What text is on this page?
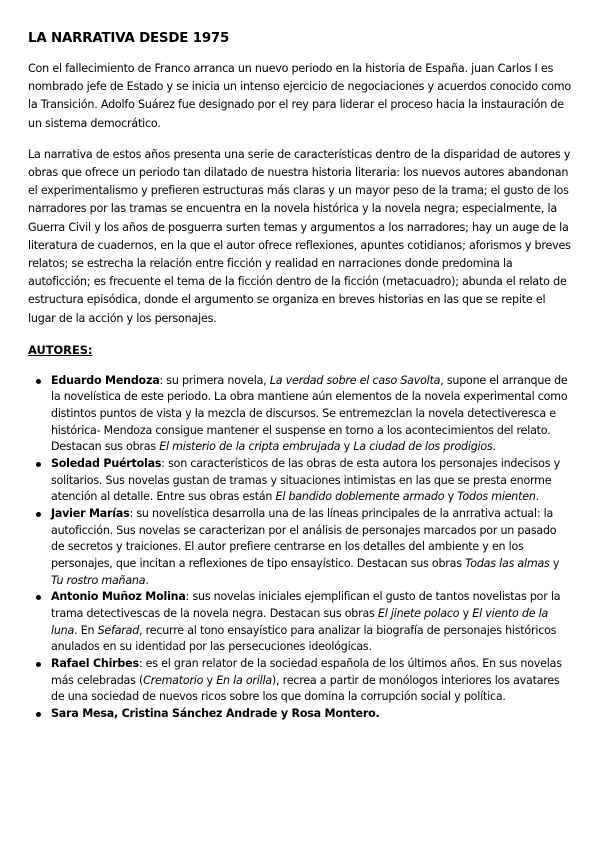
LA NARRATIVA DESDE 1975

Con el fallecimiento de Franco arranca un nuevo periodo en la historia de España. juan Carlos I es nombrado jefe de Estado y se inicia un intenso ejercicio de negociaciones y acuerdos conocido como la Transición. Adolfo Suárez fue designado por el rey para liderar el proceso hacia la instauración de un sistema democrático.

La narrativa de estos años presenta una serie de características dentro de la disparidad de autores y obras que ofrece un periodo tan dilatado de nuestra historia literaria: los nuevos autores abandonan el experimentalismo y prefieren estructuras más claras y un mayor peso de la trama; el gusto de los narradores por las tramas se encuentra en la novela histórica y la novela negra; especialmente, la Guerra Civil y los años de posguerra surten temas y argumentos a los narradores; hay un auge de la literatura de cuadernos, en la que el autor ofrece reflexiones, apuntes cotidianos; aforismos y breves relatos; se estrecha la relación entre ficción y realidad en narraciones donde predomina la autoficción; es frecuente el tema de la ficción dentro de la ficción (metacuadro); abunda el relato de estructura episódica, donde el argumento se organiza en breves historias en las que se repite el lugar de la acción y los personajes.

AUTORES:
Eduardo Mendoza: su primera novela, La verdad sobre el caso Savolta, supone el arranque de la novelística de este periodo. La obra mantiene aún elementos de la novela experimental como distintos puntos de vista y la mezcla de discursos. Se entremezclan la novela detectiveresca e histórica- Mendoza consigue mantener el suspense en torno a los acontecimientos del relato. Destacan sus obras El misterio de la cripta embrujada y La ciudad de los prodigios.
Soledad Puértolas: son característicos de las obras de esta autora los personajes indecisos y solitarios. Sus novelas gustan de tramas y situaciones intimistas en las que se presta enorme atención al detalle. Entre sus obras están El bandido doblemente armado y Todos mienten.
Javier Marías: su novelística desarrolla una de las líneas principales de la anrrativa actual: la autoficción. Sus novelas se caracterizan por el análisis de personajes marcados por un pasado de secretos y traiciones. El autor prefiere centrarse en los detalles del ambiente y en los personajes, que incitan a reflexiones de tipo ensayístico. Destacan sus obras Todas las almas y Tu rostro mañana.
Antonio Muñoz Molina: sus novelas iniciales ejemplifican el gusto de tantos novelistas por la trama detectivescas de la novela negra. Destacan sus obras El jinete polaco y El viento de la luna. En Sefarad, recurre al tono ensayístico para analizar la biografía de personajes históricos anulados en su identidad por las persecuciones ideológicas.
Rafael Chirbes: es el gran relator de la sociedad española de los últimos años. En sus novelas más celebradas (Crematorio y En la orilla), recrea a partir de monólogos interiores los avatares de una sociedad de nuevos ricos sobre los que domina la corrupción social y política.
Sara Mesa, Cristina Sánchez Andrade y Rosa Montero.
